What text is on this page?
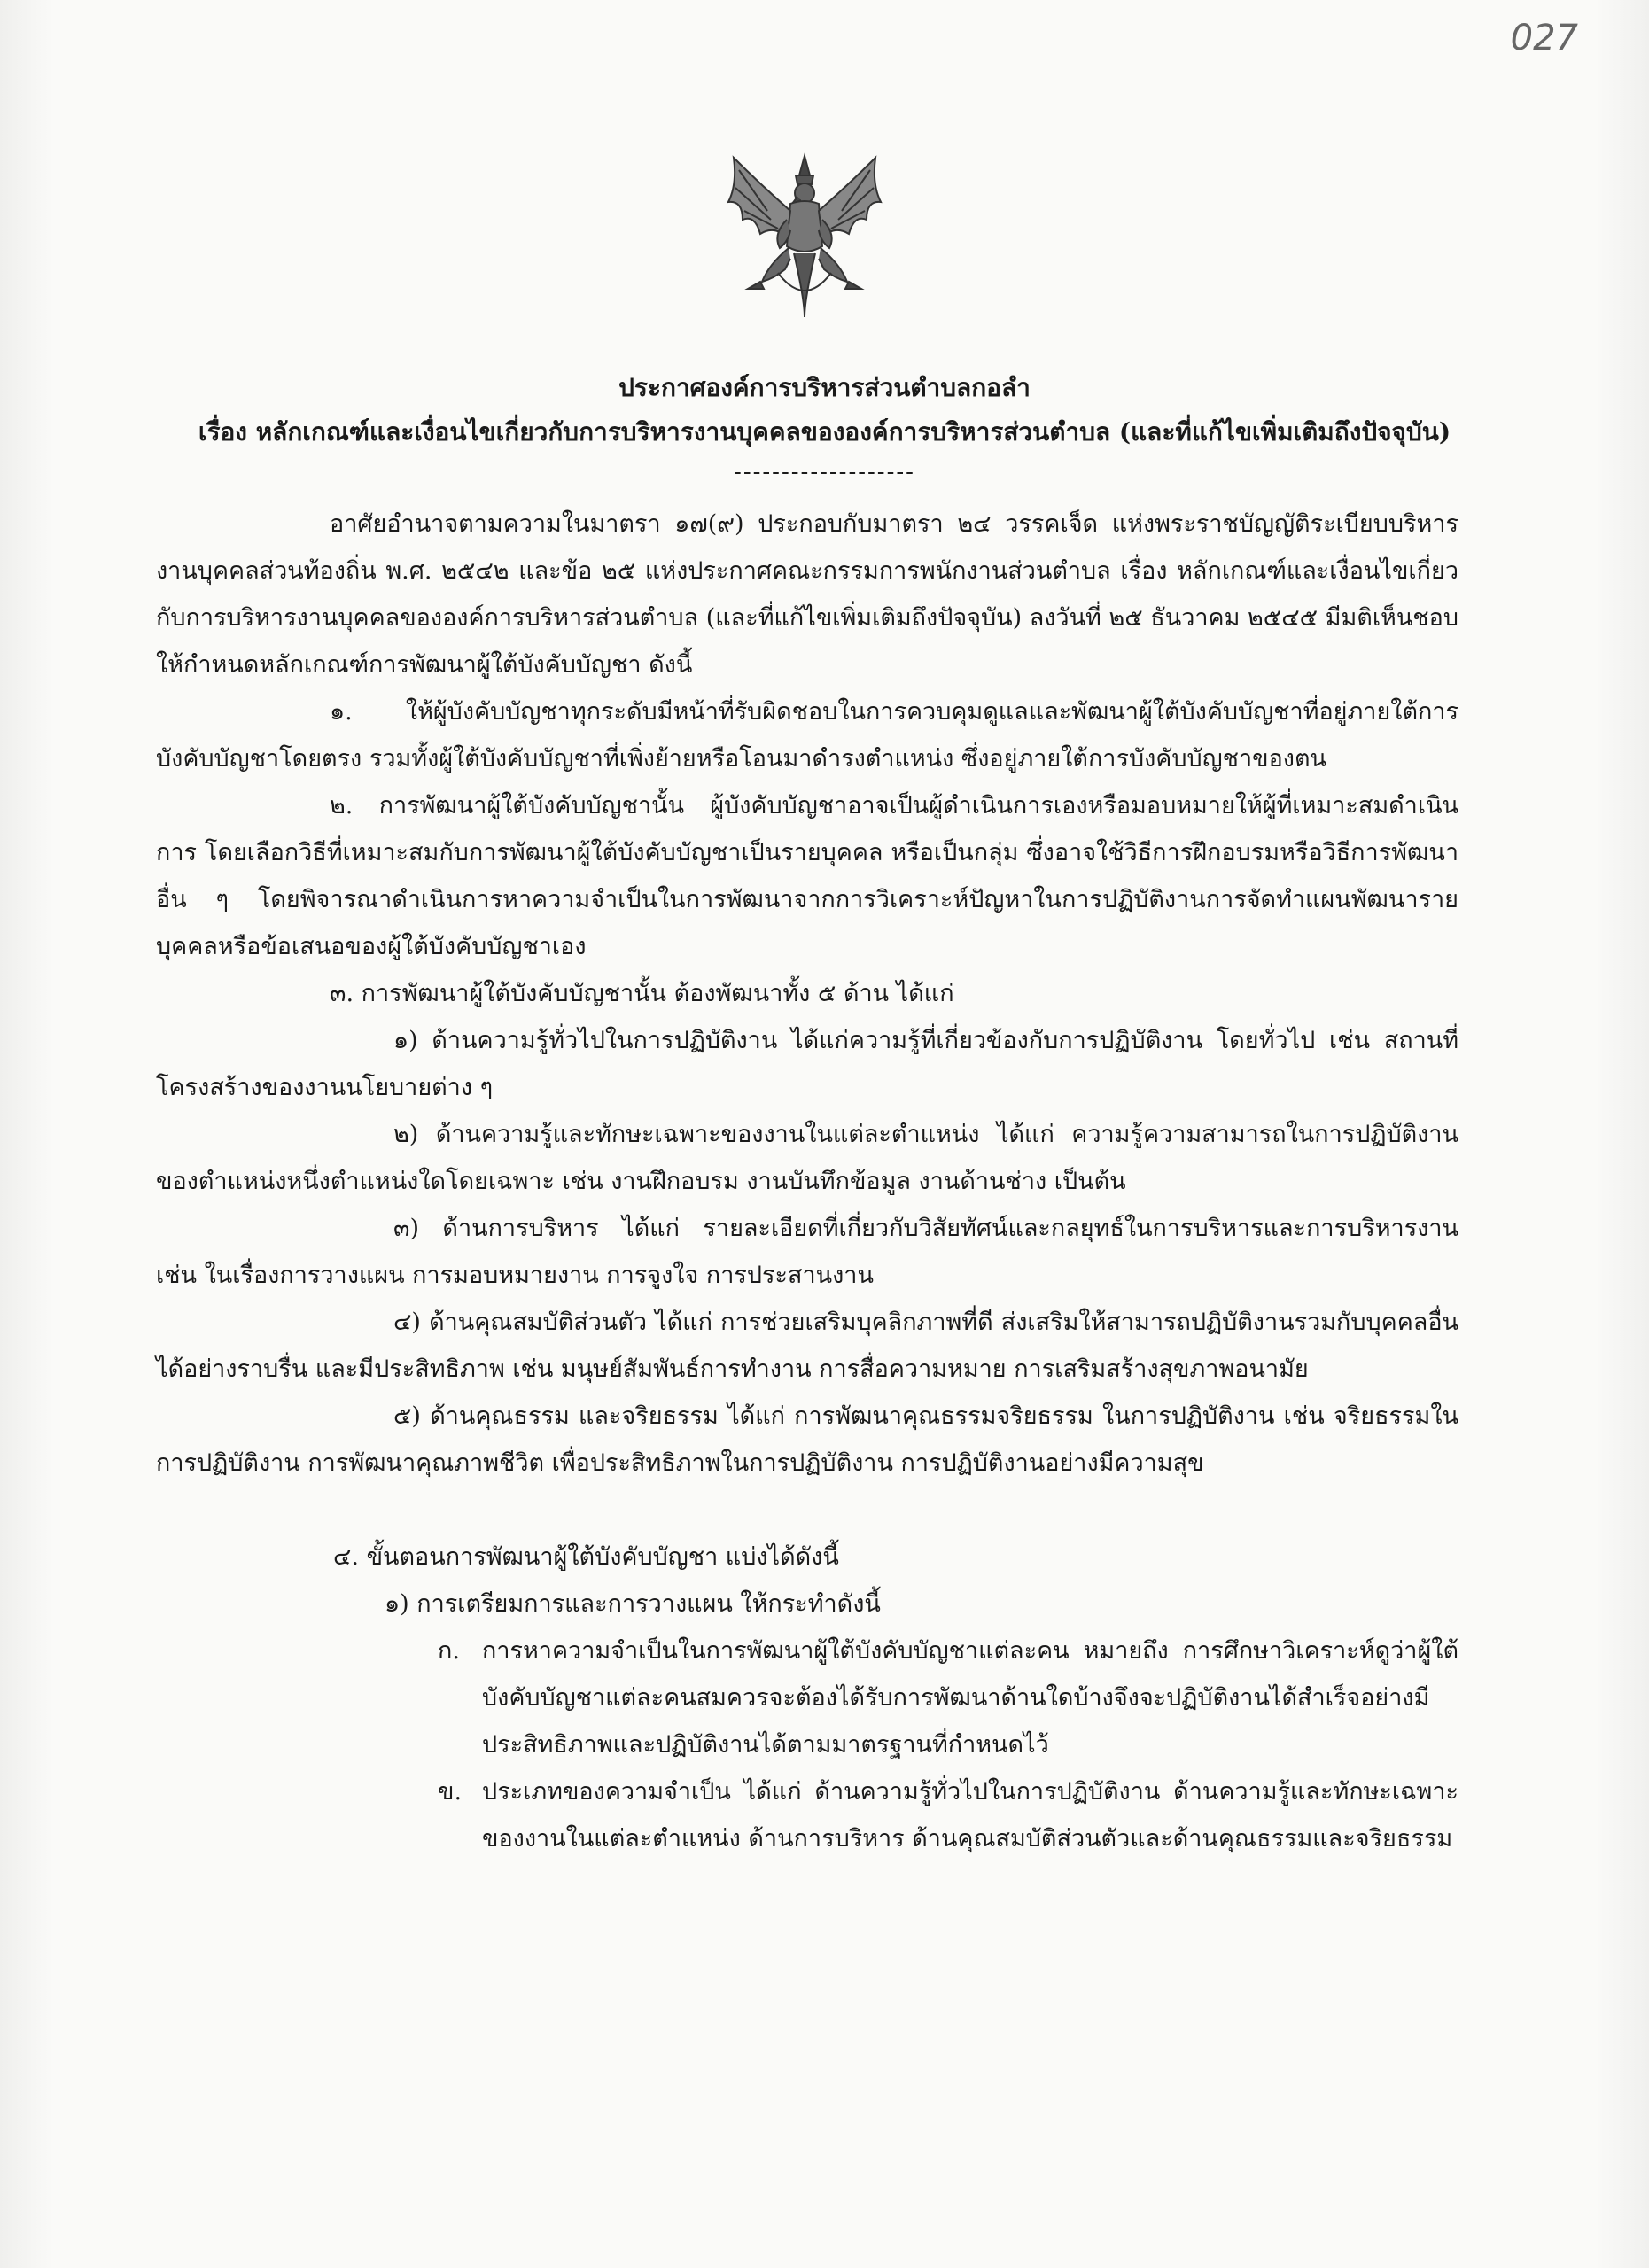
027
ประกาศองค์การบริหารส่วนตำบลกอลำ
เรื่อง หลักเกณฑ์และเงื่อนไขเกี่ยวกับการบริหารงานบุคคลขององค์การบริหารส่วนตำบล (และที่แก้ไขเพิ่มเติมถึงปัจจุบัน)
-------------------

อาศัยอำนาจตามความในมาตรา ๑๗(๙) ประกอบกับมาตรา ๒๔ วรรคเจ็ด แห่งพระราชบัญญัติระเบียบบริหารงานบุคคลส่วนท้องถิ่น พ.ศ. ๒๕๔๒ และข้อ ๒๕ แห่งประกาศคณะกรรมการพนักงานส่วนตำบล เรื่อง หลักเกณฑ์และเงื่อนไขเกี่ยวกับการบริหารงานบุคคลขององค์การบริหารส่วนตำบล (และที่แก้ไขเพิ่มเติมถึงปัจจุบัน) ลงวันที่ ๒๕ ธันวาคม ๒๕๔๕ มีมติเห็นชอบให้กำหนดหลักเกณฑ์การพัฒนาผู้ใต้บังคับบัญชา ดังนี้

๑. ให้ผู้บังคับบัญชาทุกระดับมีหน้าที่รับผิดชอบในการควบคุมดูแลและพัฒนาผู้ใต้บังคับบัญชาที่อยู่ภายใต้การบังคับบัญชาโดยตรง รวมทั้งผู้ใต้บังคับบัญชาที่เพิ่งย้ายหรือโอนมาดำรงตำแหน่ง ซึ่งอยู่ภายใต้การบังคับบัญชาของตน

๒. การพัฒนาผู้ใต้บังคับบัญชานั้น ผู้บังคับบัญชาอาจเป็นผู้ดำเนินการเองหรือมอบหมายให้ผู้ที่เหมาะสมดำเนินการ โดยเลือกวิธีที่เหมาะสมกับการพัฒนาผู้ใต้บังคับบัญชาเป็นรายบุคคล หรือเป็นกลุ่ม ซึ่งอาจใช้วิธีการฝึกอบรมหรือวิธีการพัฒนาอื่น ๆ โดยพิจารณาดำเนินการหาความจำเป็นในการพัฒนาจากการวิเคราะห์ปัญหาในการปฏิบัติงานการจัดทำแผนพัฒนารายบุคคลหรือข้อเสนอของผู้ใต้บังคับบัญชาเอง

๓. การพัฒนาผู้ใต้บังคับบัญชานั้น ต้องพัฒนาทั้ง ๕ ด้าน ได้แก่

๑) ด้านความรู้ทั่วไปในการปฏิบัติงาน ได้แก่ความรู้ที่เกี่ยวข้องกับการปฏิบัติงาน โดยทั่วไป เช่น สถานที่ โครงสร้างของงานนโยบายต่าง ๆ

๒) ด้านความรู้และทักษะเฉพาะของงานในแต่ละตำแหน่ง ได้แก่ ความรู้ความสามารถในการปฏิบัติงานของตำแหน่งหนึ่งตำแหน่งใดโดยเฉพาะ เช่น งานฝึกอบรม งานบันทึกข้อมูล งานด้านช่าง เป็นต้น

๓) ด้านการบริหาร ได้แก่ รายละเอียดที่เกี่ยวกับวิสัยทัศน์และกลยุทธ์ในการบริหารและการบริหารงาน เช่น ในเรื่องการวางแผน การมอบหมายงาน การจูงใจ การประสานงาน

๔) ด้านคุณสมบัติส่วนตัว ได้แก่ การช่วยเสริมบุคลิกภาพที่ดี ส่งเสริมให้สามารถปฏิบัติงานรวมกับบุคคลอื่นได้อย่างราบรื่น และมีประสิทธิภาพ เช่น มนุษย์สัมพันธ์การทำงาน การสื่อความหมาย การเสริมสร้างสุขภาพอนามัย

๕) ด้านคุณธรรม และจริยธรรม ได้แก่ การพัฒนาคุณธรรมจริยธรรม ในการปฏิบัติงาน เช่น จริยธรรมในการปฏิบัติงาน การพัฒนาคุณภาพชีวิต เพื่อประสิทธิภาพในการปฏิบัติงาน การปฏิบัติงานอย่างมีความสุข

๔. ขั้นตอนการพัฒนาผู้ใต้บังคับบัญชา แบ่งได้ดังนี้

๑) การเตรียมการและการวางแผน ให้กระทำดังนี้

ก. การหาความจำเป็นในการพัฒนาผู้ใต้บังคับบัญชาแต่ละคน หมายถึง การศึกษาวิเคราะห์ดูว่าผู้ใต้บังคับบัญชาแต่ละคนสมควรจะต้องได้รับการพัฒนาด้านใดบ้างจึงจะปฏิบัติงานได้สำเร็จอย่างมีประสิทธิภาพและปฏิบัติงานได้ตามมาตรฐานที่กำหนดไว้
ข. ประเภทของความจำเป็น ได้แก่ ด้านความรู้ทั่วไปในการปฏิบัติงาน ด้านความรู้และทักษะเฉพาะของงานในแต่ละตำแหน่ง ด้านการบริหาร ด้านคุณสมบัติส่วนตัวและด้านคุณธรรมและจริยธรรม
